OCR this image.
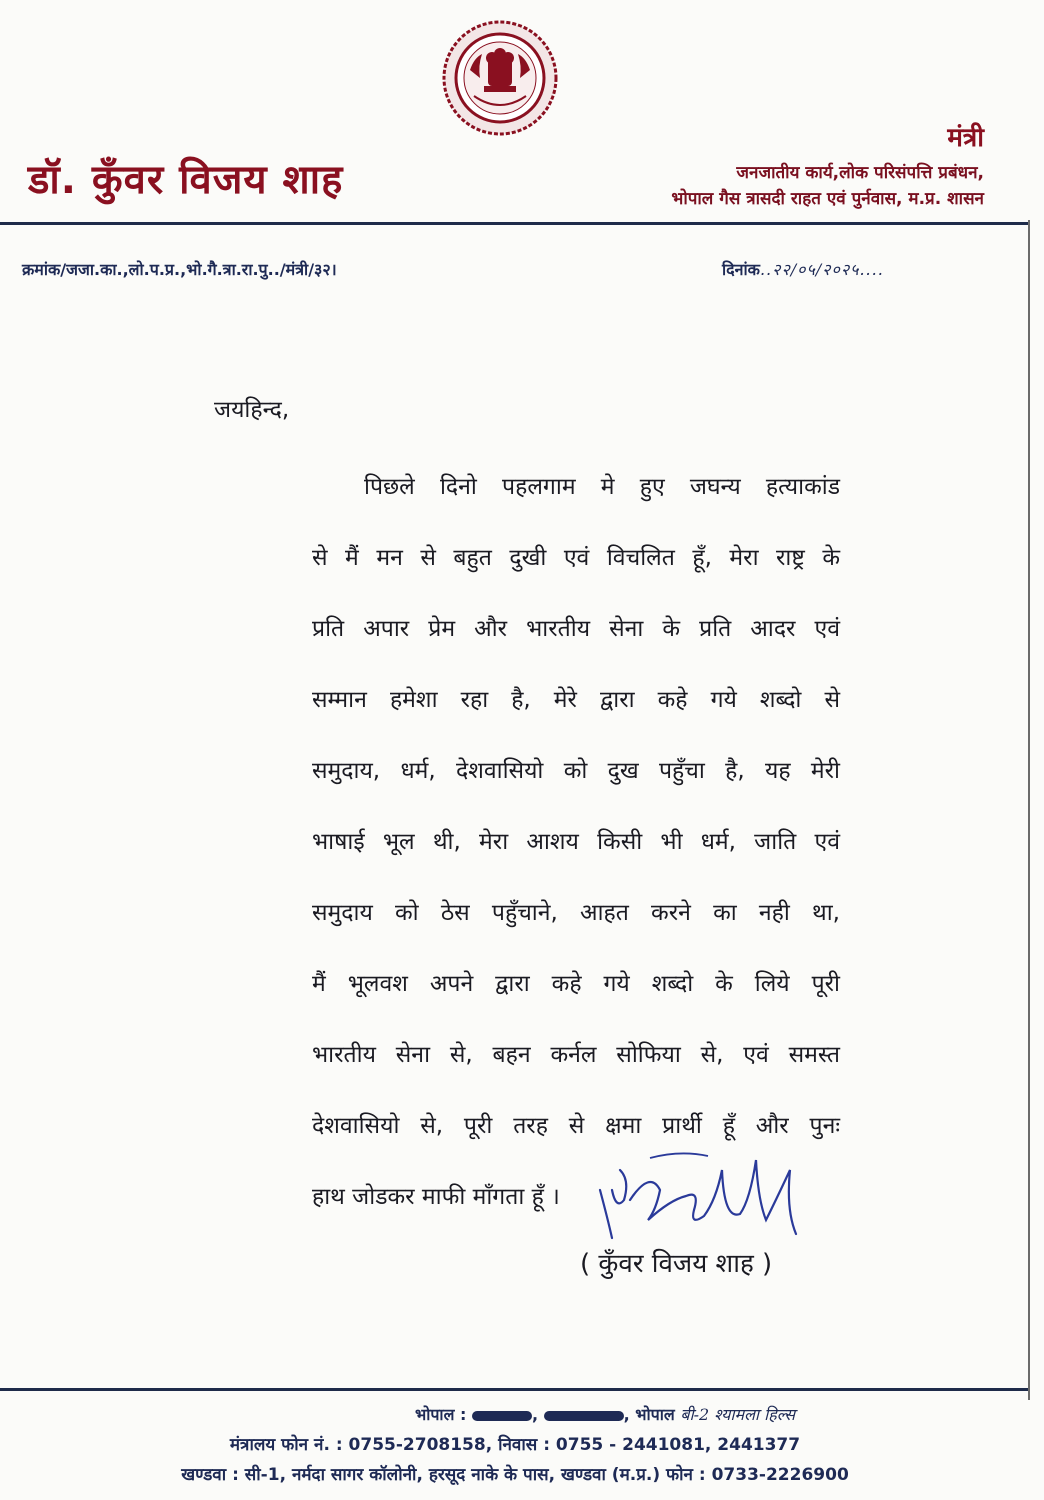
डॉ. कुँवर विजय शाह
मंत्री
जनजातीय कार्य,लोक परिसंपत्ति प्रबंधन,
भोपाल गैस त्रासदी राहत एवं पुर्नवास, म.प्र. शासन
क्रमांक/जजा.का.,लो.प.प्र.,भो.गै.त्रा.रा.पु../मंत्री/३२।	दिनांक..२२/०५/२०२५....
जयहिन्द,
पिछले दिनो पहलगाम मे हुए जघन्य हत्याकांड
से मैं मन से बहुत दुखी एवं विचलित हूँ, मेरा राष्ट्र के
प्रति अपार प्रेम और भारतीय सेना के प्रति आदर एवं
सम्मान हमेशा रहा है, मेरे द्वारा कहे गये शब्दो से
समुदाय, धर्म, देशवासियो को दुख पहुँचा है, यह मेरी
भाषाई भूल थी, मेरा आशय किसी भी धर्म, जाति एवं
समुदाय को ठेस पहुँचाने, आहत करने का नही था,
मैं भूलवश अपने द्वारा कहे गये शब्दो के लिये पूरी
भारतीय सेना से, बहन कर्नल सोफिया से, एवं समस्त
देशवासियो से, पूरी तरह से क्षमा प्रार्थी हूँ और पुनः
हाथ जोडकर माफी माँगता हूँ ।
( कुँवर विजय शाह )
भोपाल :	,	, भोपाल बी-2 श्यामला हिल्स
मंत्रालय फोन नं. : 0755-2708158, निवास : 0755 - 2441081, 2441377
खण्डवा : सी-1, नर्मदा सागर कॉलोनी, हरसूद नाके के पास, खण्डवा (म.प्र.) फोन : 0733-2226900
